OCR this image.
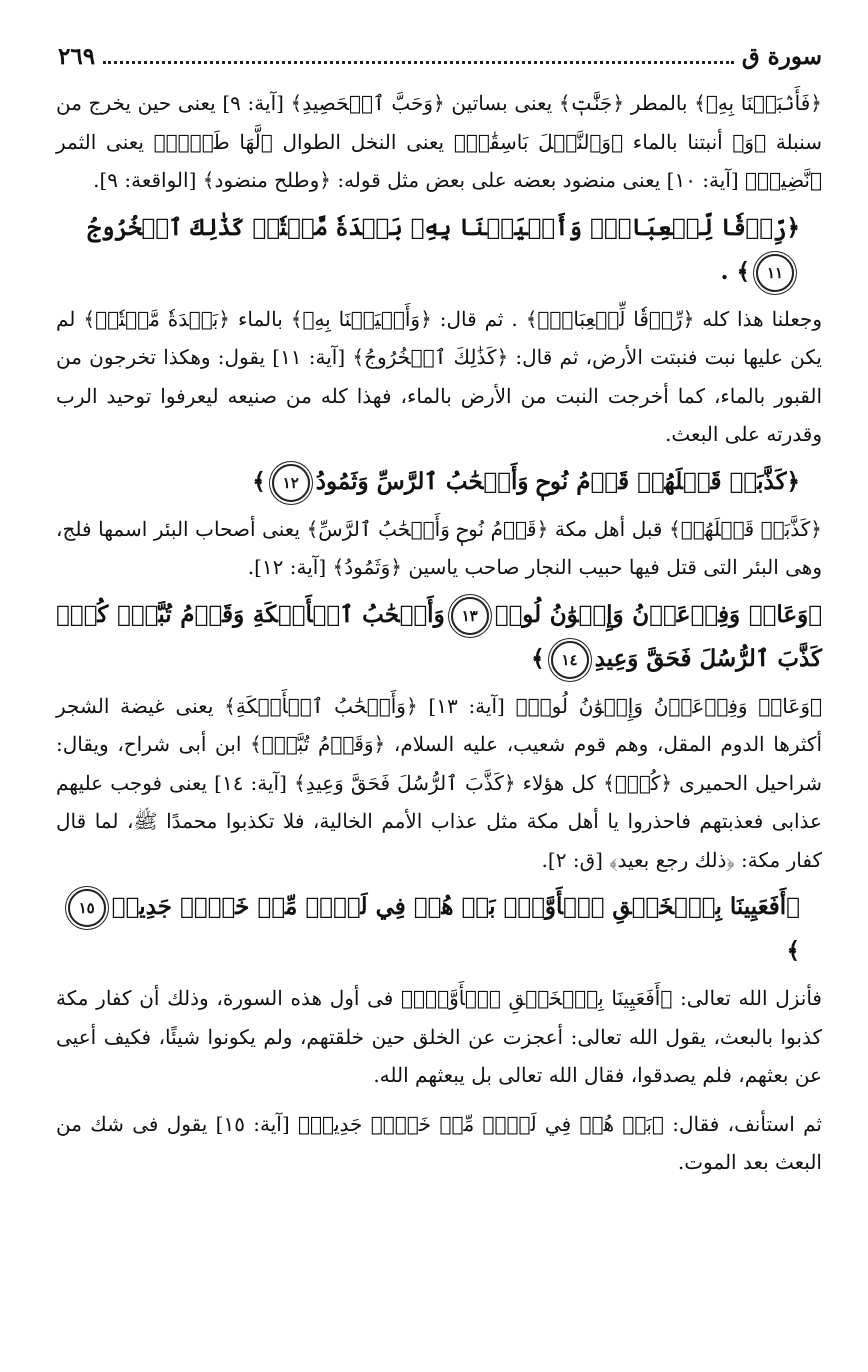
سورة ق
٢٦٩

﴿فَأَنۢبَتۡنَا بِهِۦ﴾ بالمطر ﴿جَنَّٰتٖ﴾ يعنى بساتين ﴿وَحَبَّ ٱلۡحَصِيدِ﴾ [آية: ٩] يعنى حين يخرج من سنبلة ﴿وَ﴾ أنبتنا بالماء ﴿وَٱلنَّخۡلَ بَاسِقَٰتٖ﴾ يعنى النخل الطوال ﴿لَّهَا طَلۡعٞ﴾ يعنى الثمر ﴿نَّضِيدٞ﴾ [آية: ١٠] يعنى منضود بعضه على بعض مثل قوله: ﴿وطلح منضود﴾ [الواقعة: ٩].

﴿رِّزۡقٗا لِّلۡعِبَادِۖ وَأَحۡيَيۡنَا بِهِۦ بَلۡدَةٗ مَّيۡتٗاۚ كَذَٰلِكَ ٱلۡخُرُوجُ١١﴾ .

وجعلنا هذا كله ﴿رِّزۡقٗا لِّلۡعِبَادِۖ﴾ . ثم قال: ﴿وَأَحۡيَيۡنَا بِهِۦ﴾ بالماء ﴿بَلۡدَةٗ مَّيۡتٗاۚ﴾ لم يكن عليها نبت فنبتت الأرض، ثم قال: ﴿كَذَٰلِكَ ٱلۡخُرُوجُ﴾ [آية: ١١] يقول: وهكذا تخرجون من القبور بالماء، كما أخرجت النبت من الأرض بالماء، فهذا كله من صنيعه ليعرفوا توحيد الرب وقدرته على البعث.

﴿كَذَّبَتۡ قَبۡلَهُمۡ قَوۡمُ نُوحٖ وَأَصۡحَٰبُ ٱلرَّسِّ وَثَمُودُ١٢﴾

﴿كَذَّبَتۡ قَبۡلَهُمۡ﴾ قبل أهل مكة ﴿قَوۡمُ نُوحٖ وَأَصۡحَٰبُ ٱلرَّسِّ﴾ يعنى أصحاب البئر اسمها فلج، وهى البئر التى قتل فيها حبيب النجار صاحب ياسين ﴿وَثَمُودُ﴾ [آية: ١٢].

﴿وَعَادٞ وَفِرۡعَوۡنُ وَإِخۡوَٰنُ لُوطٖ١٣وَأَصۡحَٰبُ ٱلۡأَيۡكَةِ وَقَوۡمُ تُبَّعٖۚ كُلّٞ كَذَّبَ ٱلرُّسُلَ فَحَقَّ وَعِيدِ١٤﴾

﴿وَعَادٞ وَفِرۡعَوۡنُ وَإِخۡوَٰنُ لُوطٖ﴾ [آية: ١٣] ﴿وَأَصۡحَٰبُ ٱلۡأَيۡكَةِ﴾ يعنى غيضة الشجر أكثرها الدوم المقل، وهم قوم شعيب، عليه السلام، ﴿وَقَوۡمُ تُبَّعٖۚ﴾ ابن أبى شراح، ويقال: شراحيل الحميرى ﴿كُلّٞ﴾ كل هؤلاء ﴿كَذَّبَ ٱلرُّسُلَ فَحَقَّ وَعِيدِ﴾ [آية: ١٤] يعنى فوجب عليهم عذابى فعذبتهم فاحذروا يا أهل مكة مثل عذاب الأمم الخالية، فلا تكذبوا محمدًا ﷺ، لما قال كفار مكة: ﴿ذلك رجع بعيد﴾ [ق: ٢].

﴿أَفَعَيِينَا بِٱلۡخَلۡقِ ٱلۡأَوَّلِۚ بَلۡ هُمۡ فِي لَبۡسٖ مِّنۡ خَلۡقٖ جَدِيدٖ١٥﴾

فأنزل الله تعالى: ﴿أَفَعَيِينَا بِٱلۡخَلۡقِ ٱلۡأَوَّلِۚ﴾ فى أول هذه السورة، وذلك أن كفار مكة كذبوا بالبعث، يقول الله تعالى: أعجزت عن الخلق حين خلقتهم، ولم يكونوا شيئًا، فكيف أعيى عن بعثهم، فلم يصدقوا، فقال الله تعالى بل يبعثهم الله.

ثم استأنف، فقال: ﴿بَلۡ هُمۡ فِي لَبۡسٖ مِّنۡ خَلۡقٖ جَدِيدٖ﴾ [آية: ١٥] يقول فى شك من البعث بعد الموت.
